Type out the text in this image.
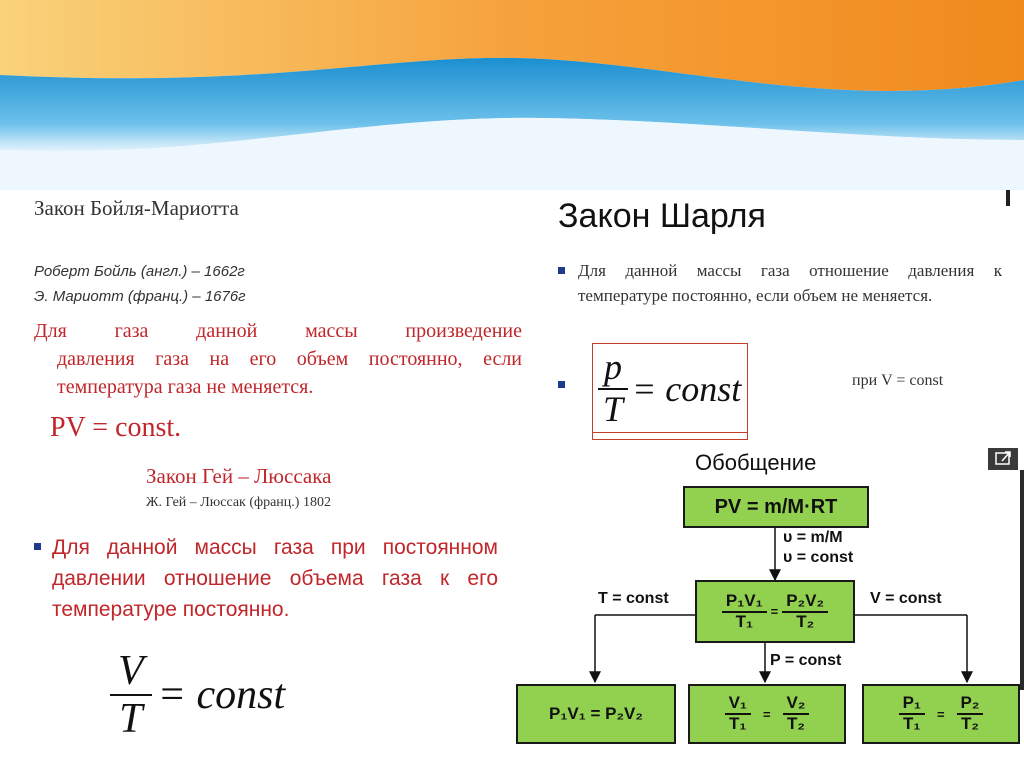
Закон Бойля-Мариотта
Роберт Бойль (англ.) – 1662г
Э. Мариотт (франц.) – 1676г
Для газа данной массы произведение
давления газа на его объем постоянно, если
температура газа не меняется.
PV = const.
Закон Гей – Люссака
Ж. Гей – Люссак (франц.) 1802
Для данной массы газа при постоянном
давлении отношение объема газа к его
температуре постоянно.
$\frac{V}{T}$ = const
Закон Шарля
Для данной массы газа отношение давления к
температуре постоянно, если объем не меняется.
$\frac{p}{T}$ = const	при V = const
Обобщение
PV = m/M·RT
υ = m/M
υ = const
$\frac{\text{P₁V₁}}{\text{T₁}} = \frac{\text{P₂V₂}}{\text{T₂}}$
T = const	V = const
P = const
P₁V₁ = P₂V₂	$\frac{\text{V₁}}{\text{T₁}} = \frac{\text{V₂}}{\text{T₂}}$	$\frac{\text{P₁}}{\text{T₁}} = \frac{\text{P₂}}{\text{T₂}}$
